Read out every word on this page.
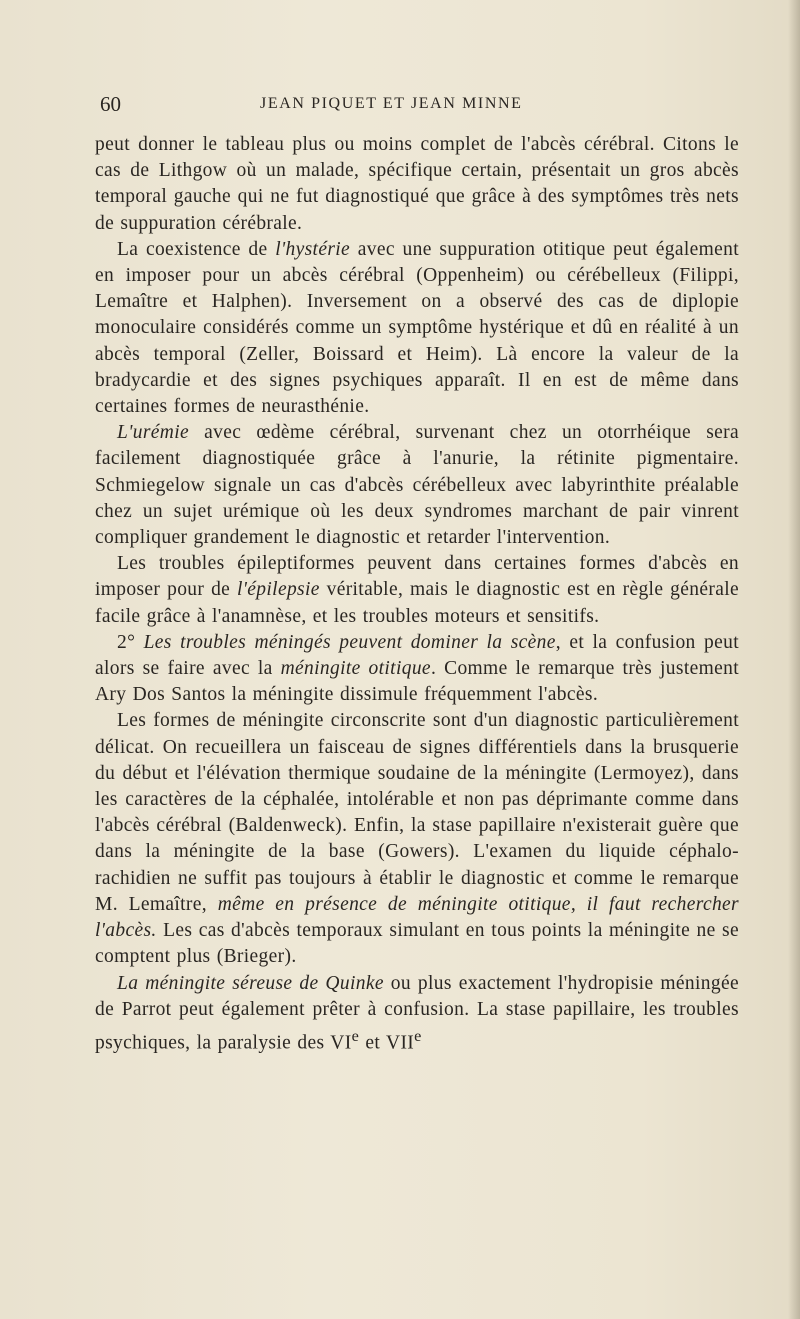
60	JEAN PIQUET ET JEAN MINNE

peut donner le tableau plus ou moins complet de l'abcès cérébral. Citons le cas de Lithgow où un malade, spécifique certain, présentait un gros abcès temporal gauche qui ne fut diagnostiqué que grâce à des symptômes très nets de suppuration cérébrale.

La coexistence de l'hystérie avec une suppuration otitique peut également en imposer pour un abcès cérébral (Oppenheim) ou cérébelleux (Filippi, Lemaître et Halphen). Inversement on a observé des cas de diplopie monoculaire considérés comme un symptôme hystérique et dû en réalité à un abcès temporal (Zeller, Boissard et Heim). Là encore la valeur de la bradycardie et des signes psychiques apparaît. Il en est de même dans certaines formes de neurasthénie.

L'urémie avec œdème cérébral, survenant chez un otorrhéique sera facilement diagnostiquée grâce à l'anurie, la rétinite pigmentaire. Schmiegelow signale un cas d'abcès cérébelleux avec labyrinthite préalable chez un sujet urémique où les deux syndromes marchant de pair vinrent compliquer grandement le diagnostic et retarder l'intervention.

Les troubles épileptiformes peuvent dans certaines formes d'abcès en imposer pour de l'épilepsie véritable, mais le diagnostic est en règle générale facile grâce à l'anamnèse, et les troubles moteurs et sensitifs.

2° Les troubles méningés peuvent dominer la scène, et la confusion peut alors se faire avec la méningite otitique. Comme le remarque très justement Ary Dos Santos la méningite dissimule fréquemment l'abcès.

Les formes de méningite circonscrite sont d'un diagnostic particulièrement délicat. On recueillera un faisceau de signes différentiels dans la brusquerie du début et l'élévation thermique soudaine de la méningite (Lermoyez), dans les caractères de la céphalée, intolérable et non pas déprimante comme dans l'abcès cérébral (Baldenweck). Enfin, la stase papillaire n'existerait guère que dans la méningite de la base (Gowers). L'examen du liquide céphalo-rachidien ne suffit pas toujours à établir le diagnostic et comme le remarque M. Lemaître, même en présence de méningite otitique, il faut rechercher l'abcès. Les cas d'abcès temporaux simulant en tous points la méningite ne se comptent plus (Brieger).

La méningite séreuse de Quinke ou plus exactement l'hydropisie méningée de Parrot peut également prêter à confusion. La stase papillaire, les troubles psychiques, la paralysie des VIe et VIIe
